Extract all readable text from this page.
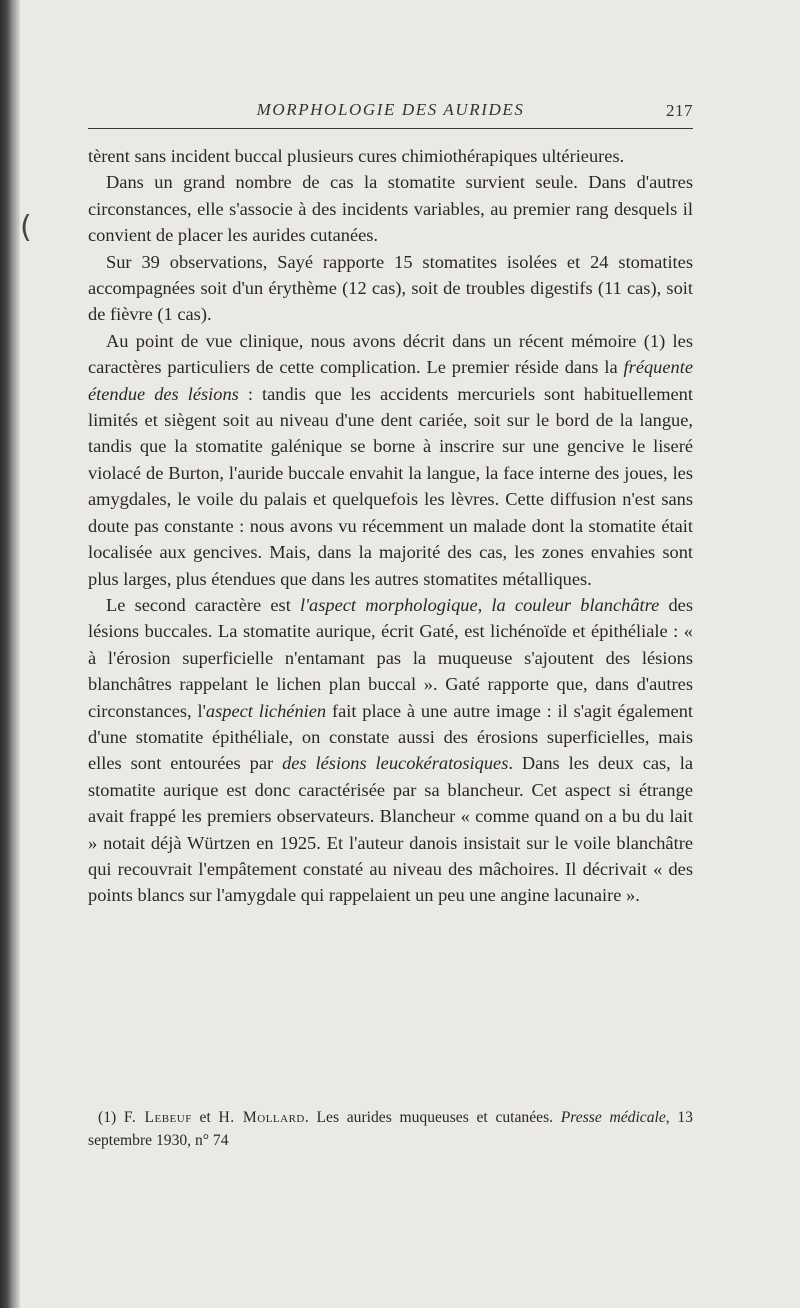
(
MORPHOLOGIE DES AURIDES	217

tèrent sans incident buccal plusieurs cures chimiothérapiques ultérieures.

Dans un grand nombre de cas la stomatite survient seule. Dans d'autres circonstances, elle s'associe à des incidents variables, au premier rang desquels il convient de placer les aurides cutanées.

Sur 39 observations, Sayé rapporte 15 stomatites isolées et 24 stomatites accompagnées soit d'un érythème (12 cas), soit de troubles digestifs (11 cas), soit de fièvre (1 cas).

Au point de vue clinique, nous avons décrit dans un récent mémoire (1) les caractères particuliers de cette complication. Le premier réside dans la fréquente étendue des lésions : tandis que les accidents mercuriels sont habituellement limités et siègent soit au niveau d'une dent cariée, soit sur le bord de la langue, tandis que la stomatite galénique se borne à inscrire sur une gencive le liseré violacé de Burton, l'auride buccale envahit la langue, la face interne des joues, les amygdales, le voile du palais et quelquefois les lèvres. Cette diffusion n'est sans doute pas constante : nous avons vu récemment un malade dont la stomatite était localisée aux gencives. Mais, dans la majorité des cas, les zones envahies sont plus larges, plus étendues que dans les autres stomatites métalliques.

Le second caractère est l'aspect morphologique, la couleur blanchâtre des lésions buccales. La stomatite aurique, écrit Gaté, est lichénoïde et épithéliale : « à l'érosion superficielle n'entamant pas la muqueuse s'ajoutent des lésions blanchâtres rappelant le lichen plan buccal ». Gaté rapporte que, dans d'autres circonstances, l'aspect lichénien fait place à une autre image : il s'agit également d'une stomatite épithéliale, on constate aussi des érosions superficielles, mais elles sont entourées par des lésions leucokératosiques. Dans les deux cas, la stomatite aurique est donc caractérisée par sa blancheur. Cet aspect si étrange avait frappé les premiers observateurs. Blancheur « comme quand on a bu du lait » notait déjà Würtzen en 1925. Et l'auteur danois insistait sur le voile blanchâtre qui recouvrait l'empâtement constaté au niveau des mâchoires. Il décrivait « des points blancs sur l'amygdale qui rappelaient un peu une angine lacunaire ».

(1) F. Lebeuf et H. Mollard. Les aurides muqueuses et cutanées. Presse médicale, 13 septembre 1930, n° 74
